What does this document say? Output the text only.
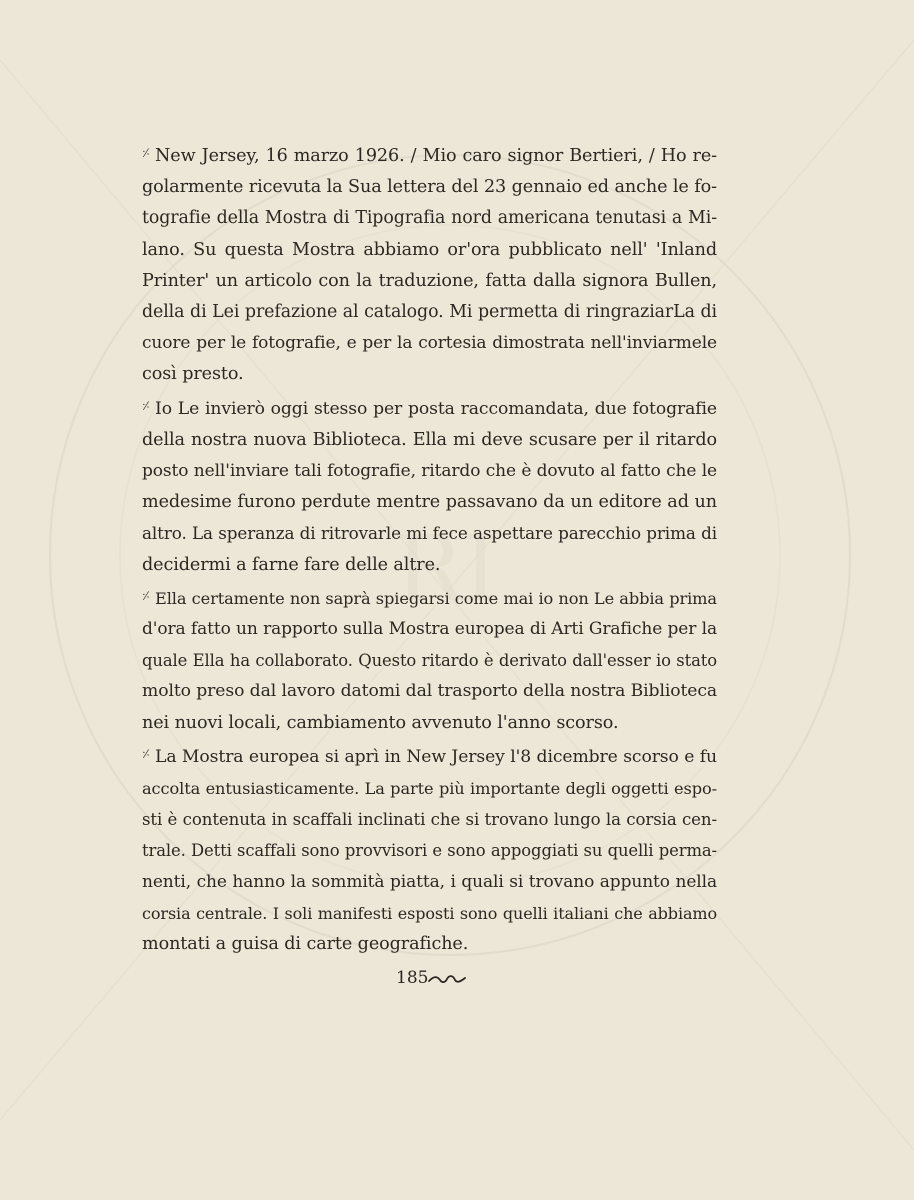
RI

⸓ New Jersey, 16 marzo 1926. / Mio caro signor Bertieri, / Ho re-
golarmente ricevuta la Sua lettera del 23 gennaio ed anche le fo-
tografie della Mostra di Tipografia nord americana tenutasi a Mi-
lano. Su questa Mostra abbiamo or'ora pubblicato nell' 'Inland
Printer' un articolo con la traduzione, fatta dalla signora Bullen,
della di Lei prefazione al catalogo. Mi permetta di ringraziarLa di
cuore per le fotografie, e per la cortesia dimostrata nell'inviarmele
così presto.

⸓ Io Le invierò oggi stesso per posta raccomandata, due fotografie
della nostra nuova Biblioteca. Ella mi deve scusare per il ritardo
posto nell'inviare tali fotografie, ritardo che è dovuto al fatto che le
medesime furono perdute mentre passavano da un editore ad un
altro. La speranza di ritrovarle mi fece aspettare parecchio prima di
decidermi a farne fare delle altre.

⸓ Ella certamente non saprà spiegarsi come mai io non Le abbia prima
d'ora fatto un rapporto sulla Mostra europea di Arti Grafiche per la
quale Ella ha collaborato. Questo ritardo è derivato dall'esser io stato
molto preso dal lavoro datomi dal trasporto della nostra Biblioteca
nei nuovi locali, cambiamento avvenuto l'anno scorso.

⸓ La Mostra europea si aprì in New Jersey l'8 dicembre scorso e fu
accolta entusiasticamente. La parte più importante degli oggetti espo-
sti è contenuta in scaffali inclinati che si trovano lungo la corsia cen-
trale. Detti scaffali sono provvisori e sono appoggiati su quelli perma-
nenti, che hanno la sommità piatta, i quali si trovano appunto nella
corsia centrale. I soli manifesti esposti sono quelli italiani che abbiamo
montati a guisa di carte geografiche.

185
